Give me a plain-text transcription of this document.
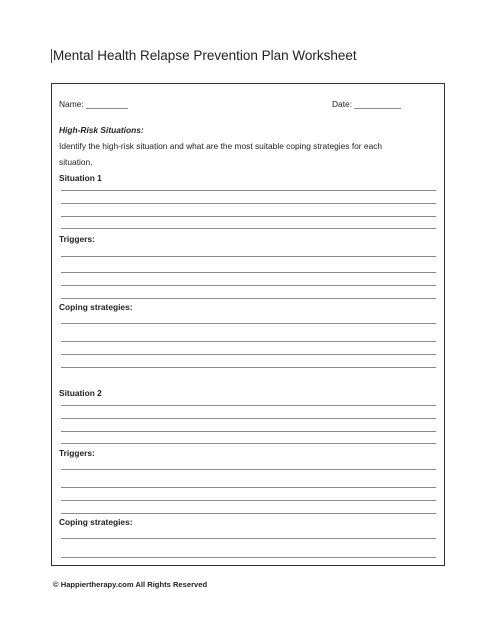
Mental Health Relapse Prevention Plan Worksheet
Name: _________	Date: __________
High-Risk Situations:
Identify the high-risk situation and what are the most suitable coping strategies for each
situation.
Situation 1
Triggers:
Coping strategies:
Situation 2
Triggers:
Coping strategies:
© Happiertherapy.com All Rights Reserved
